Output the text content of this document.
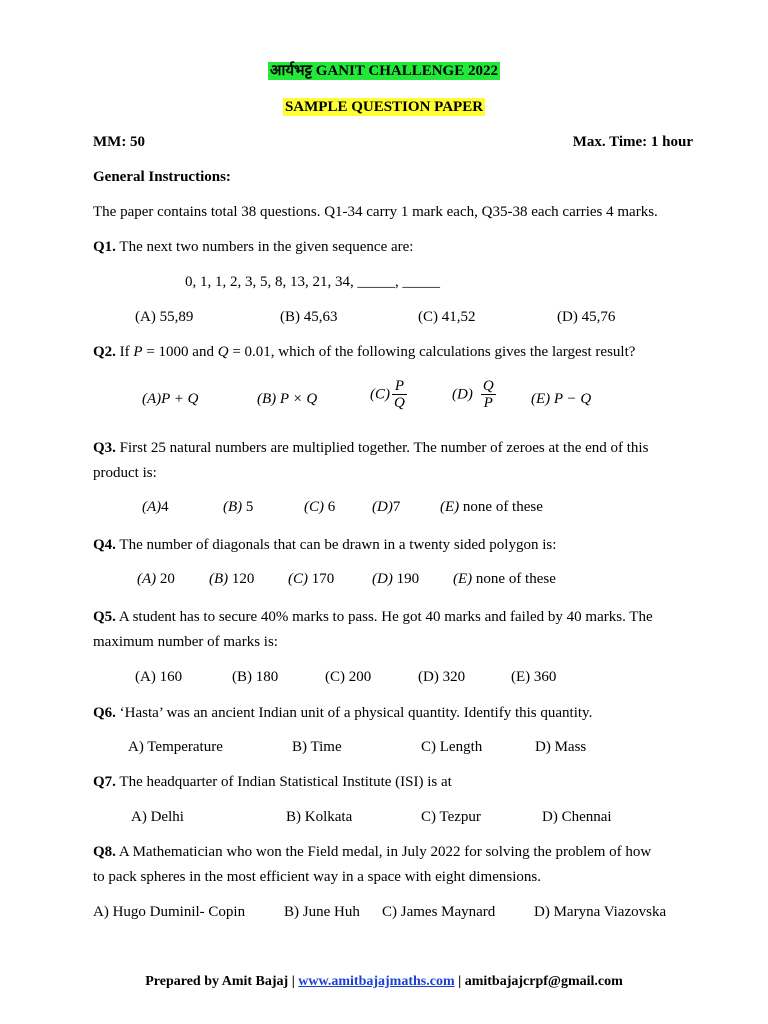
आर्यभट्ट GANIT CHALLENGE 2022
SAMPLE QUESTION PAPER
MM: 50	Max. Time: 1 hour
General Instructions:
The paper contains total 38 questions. Q1-34 carry 1 mark each, Q35-38 each carries 4 marks.
Q1. The next two numbers in the given sequence are:
0, 1, 1, 2, 3, 5, 8, 13, 21, 34, _____, _____
(A) 55,89	(B) 45,63	(C) 41,52	(D) 45,76
Q2. If P = 1000 and Q = 0.01, which of the following calculations gives the largest result?
(A)P + Q	(B) P × Q	$(C) \frac{P}{Q}$	$(D) \frac{Q}{P} (E) P - Q$
Q3. First 25 natural numbers are multiplied together. The number of zeroes at the end of this
product is:
(A)4	(B) 5	(C) 6 (D)7	(E) none of these
Q4. The number of diagonals that can be drawn in a twenty sided polygon is:
(A) 20 (B) 120 (C) 170	(D) 190 (E) none of these
Q5. A student has to secure 40% marks to pass. He got 40 marks and failed by 40 marks. The
maximum number of marks is:
(A) 160	(B) 180	(C) 200	(D) 320	(E) 360
Q6. ‘Hasta’ was an ancient Indian unit of a physical quantity. Identify this quantity.
A) Temperature	B) Time	C) Length	D) Mass
Q7. The headquarter of Indian Statistical Institute (ISI) is at
A) Delhi	B) Kolkata	C) Tezpur	D) Chennai
Q8. A Mathematician who won the Field medal, in July 2022 for solving the problem of how
to pack spheres in the most efficient way in a space with eight dimensions.
A) Hugo Duminil- Copin	B) June Huh C) James Maynard	D) Maryna Viazovska
Prepared by Amit Bajaj | www.amitbajajmaths.com | amitbajajcrpf@gmail.com
